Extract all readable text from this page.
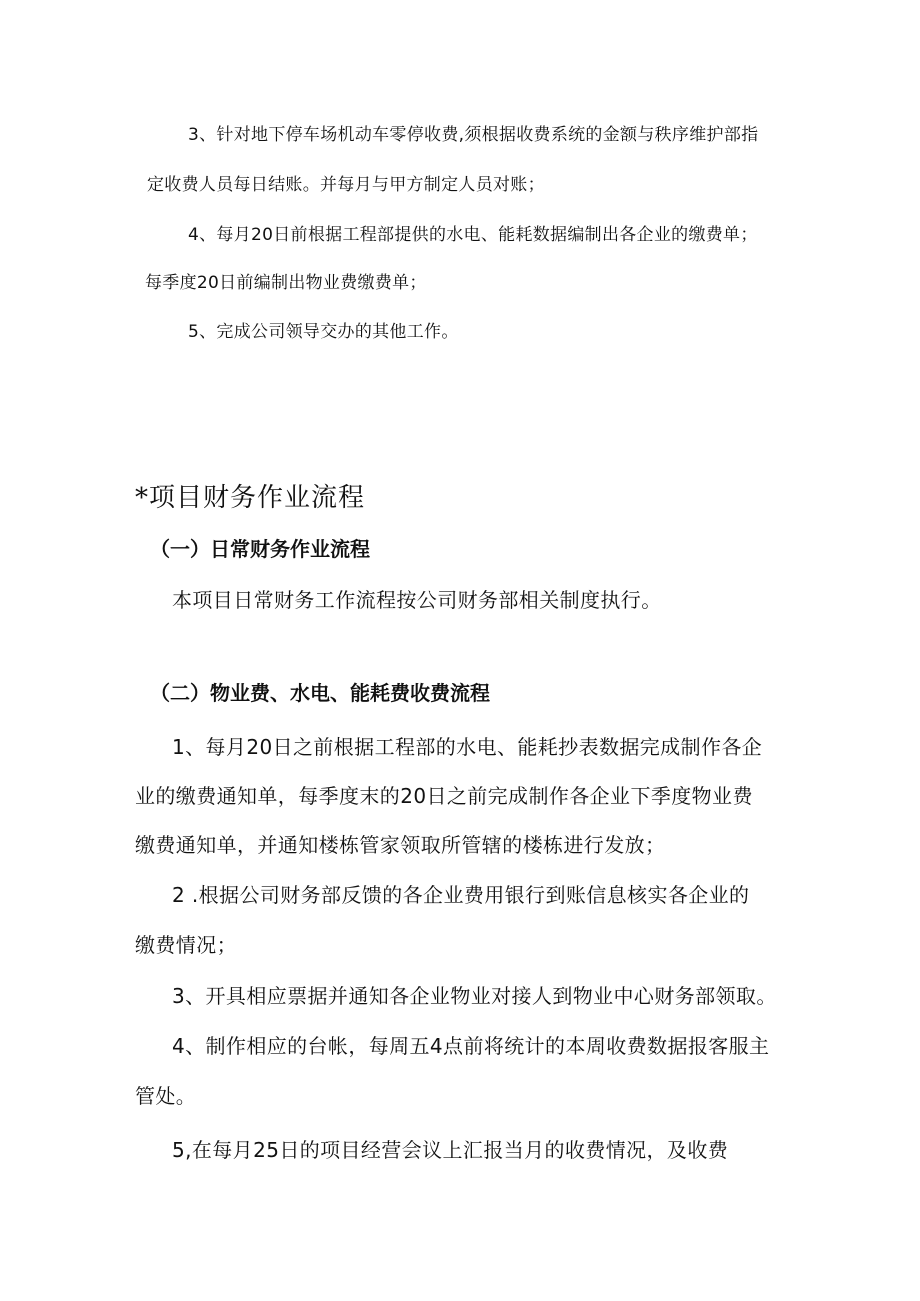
3、针对地下停车场机动车零停收费,须根据收费系统的金额与秩序维护部指
定收费人员每日结账。并每月与甲方制定人员对账；
4、每月20日前根据工程部提供的水电、能耗数据编制出各企业的缴费单；
每季度20日前编制出物业费缴费单；
5、完成公司领导交办的其他工作。
*项目财务作业流程
（一）日常财务作业流程
本项目日常财务工作流程按公司财务部相关制度执行。
（二）物业费、水电、能耗费收费流程
1、每月20日之前根据工程部的水电、能耗抄表数据完成制作各企
业的缴费通知单，每季度末的20日之前完成制作各企业下季度物业费
缴费通知单，并通知楼栋管家领取所管辖的楼栋进行发放；
2 .根据公司财务部反馈的各企业费用银行到账信息核实各企业的
缴费情况；
3、开具相应票据并通知各企业物业对接人到物业中心财务部领取。
4、制作相应的台帐，每周五4点前将统计的本周收费数据报客服主
管处。
5,在每月25日的项目经营会议上汇报当月的收费情况，及收费
